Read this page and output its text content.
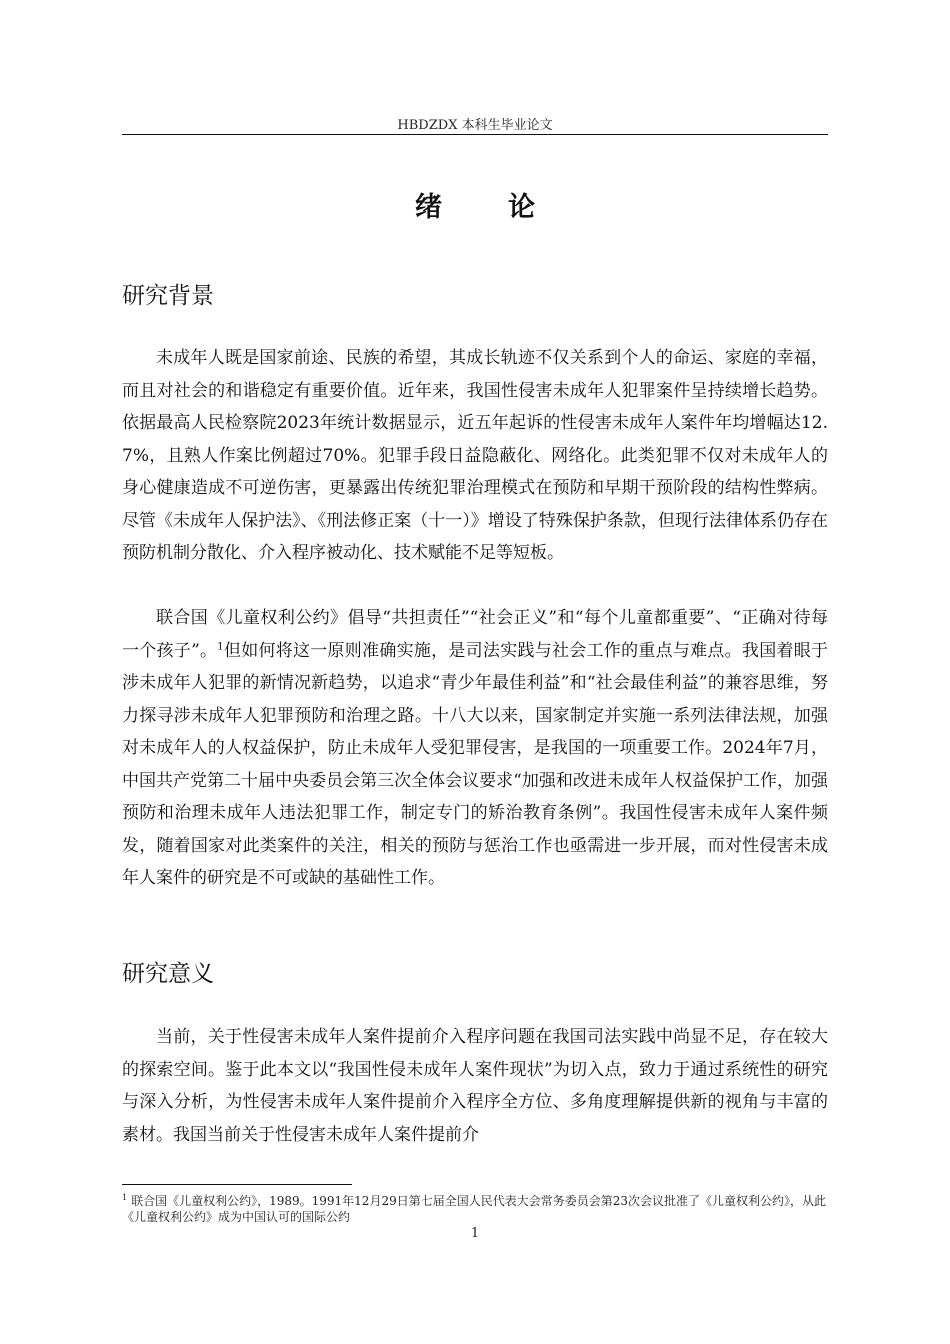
HBDZDX 本科生毕业论文
绪论
研究背景

未成年人既是国家前途、民族的希望，其成长轨迹不仅关系到个人的命运、家庭的幸福，而且对社会的和谐稳定有重要价值。近年来，我国性侵害未成年人犯罪案件呈持续增长趋势。依据最高人民检察院2023年统计数据显示，近五年起诉的性侵害未成年人案件年均增幅达12.7%，且熟人作案比例超过70%。犯罪手段日益隐蔽化、网络化。此类犯罪不仅对未成年人的身心健康造成不可逆伤害，更暴露出传统犯罪治理模式在预防和早期干预阶段的结构性弊病。尽管《未成年人保护法》、《刑法修正案（十一）》增设了特殊保护条款，但现行法律体系仍存在预防机制分散化、介入程序被动化、技术赋能不足等短板。

联合国《儿童权利公约》倡导“共担责任”“社会正义”和“每个儿童都重要”、“正确对待每一个孩子”。$^1$但如何将这一原则准确实施，是司法实践与社会工作的重点与难点。我国着眼于涉未成年人犯罪的新情况新趋势，以追求“青少年最佳利益”和“社会最佳利益”的兼容思维，努力探寻涉未成年人犯罪预防和治理之路。十八大以来，国家制定并实施一系列法律法规，加强对未成年人的人权益保护，防止未成年人受犯罪侵害，是我国的一项重要工作。2024年7月，中国共产党第二十届中央委员会第三次全体会议要求“加强和改进未成年人权益保护工作，加强预防和治理未成年人违法犯罪工作，制定专门的矫治教育条例”。我国性侵害未成年人案件频发，随着国家对此类案件的关注，相关的预防与惩治工作也亟需进一步开展，而对性侵害未成年人案件的研究是不可或缺的基础性工作。

研究意义

当前，关于性侵害未成年人案件提前介入程序问题在我国司法实践中尚显不足，存在较大的探索空间。鉴于此本文以“我国性侵未成年人案件现状”为切入点，致力于通过系统性的研究与深入分析，为性侵害未成年人案件提前介入程序全方位、多角度理解提供新的视角与丰富的素材。我国当前关于性侵害未成年人案件提前介

$^1$ 联合国《儿童权利公约》，1989。1991年12月29日第七届全国人民代表大会常务委员会第23次会议批准了《儿童权利公约》，从此《儿童权利公约》成为中国认可的国际公约

1
